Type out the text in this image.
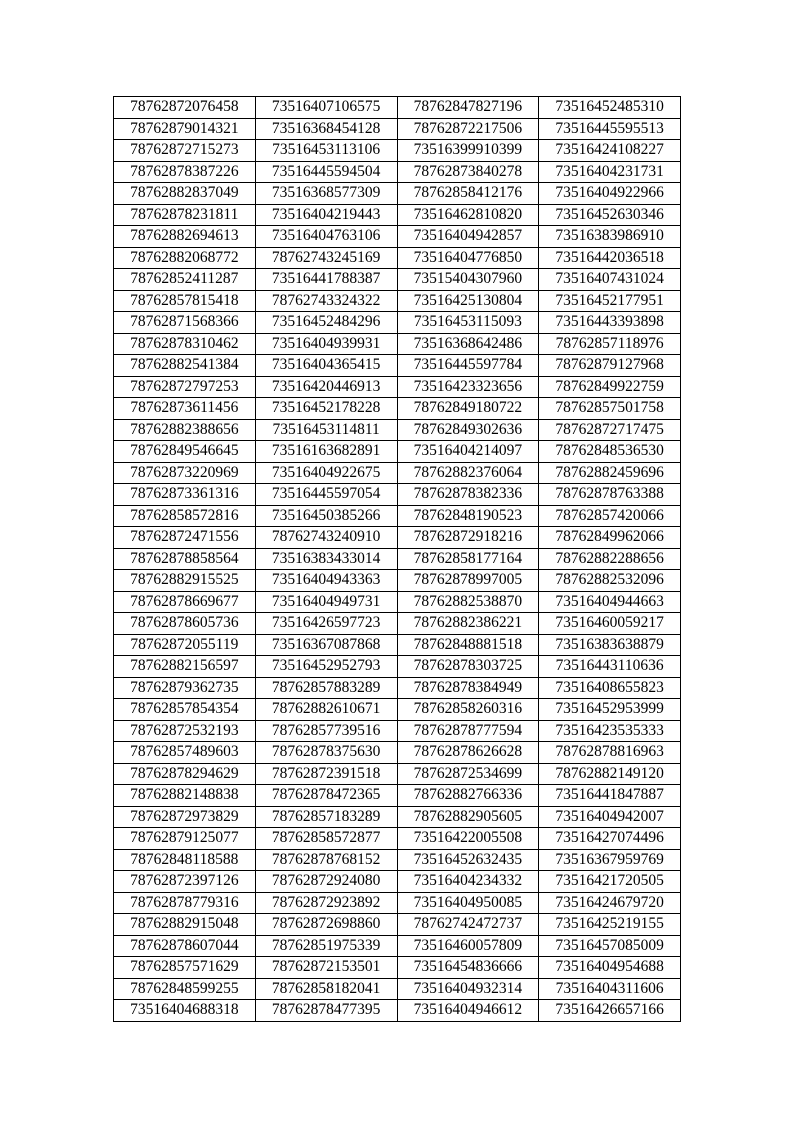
78762872076458	73516407106575	78762847827196	73516452485310
78762879014321	73516368454128	78762872217506	73516445595513
78762872715273	73516453113106	73516399910399	73516424108227
78762878387226	73516445594504	78762873840278	73516404231731
78762882837049	73516368577309	78762858412176	73516404922966
78762878231811	73516404219443	73516462810820	73516452630346
78762882694613	73516404763106	73516404942857	73516383986910
78762882068772	78762743245169	73516404776850	73516442036518
78762852411287	73516441788387	73515404307960	73516407431024
78762857815418	78762743324322	73516425130804	73516452177951
78762871568366	73516452484296	73516453115093	73516443393898
78762878310462	73516404939931	73516368642486	78762857118976
78762882541384	73516404365415	73516445597784	78762879127968
78762872797253	73516420446913	73516423323656	78762849922759
78762873611456	73516452178228	78762849180722	78762857501758
78762882388656	73516453114811	78762849302636	78762872717475
78762849546645	73516163682891	73516404214097	78762848536530
78762873220969	73516404922675	78762882376064	78762882459696
78762873361316	73516445597054	78762878382336	78762878763388
78762858572816	73516450385266	78762848190523	78762857420066
78762872471556	78762743240910	78762872918216	78762849962066
78762878858564	73516383433014	78762858177164	78762882288656
78762882915525	73516404943363	78762878997005	78762882532096
78762878669677	73516404949731	78762882538870	73516404944663
78762878605736	73516426597723	78762882386221	73516460059217
78762872055119	73516367087868	78762848881518	73516383638879
78762882156597	73516452952793	78762878303725	73516443110636
78762879362735	78762857883289	78762878384949	73516408655823
78762857854354	78762882610671	78762858260316	73516452953999
78762872532193	78762857739516	78762878777594	73516423535333
78762857489603	78762878375630	78762878626628	78762878816963
78762878294629	78762872391518	78762872534699	78762882149120
78762882148838	78762878472365	78762882766336	73516441847887
78762872973829	78762857183289	78762882905605	73516404942007
78762879125077	78762858572877	73516422005508	73516427074496
78762848118588	78762878768152	73516452632435	73516367959769
78762872397126	78762872924080	73516404234332	73516421720505
78762878779316	78762872923892	73516404950085	73516424679720
78762882915048	78762872698860	78762742472737	73516425219155
78762878607044	78762851975339	73516460057809	73516457085009
78762857571629	78762872153501	73516454836666	73516404954688
78762848599255	78762858182041	73516404932314	73516404311606
73516404688318	78762878477395	73516404946612	73516426657166
